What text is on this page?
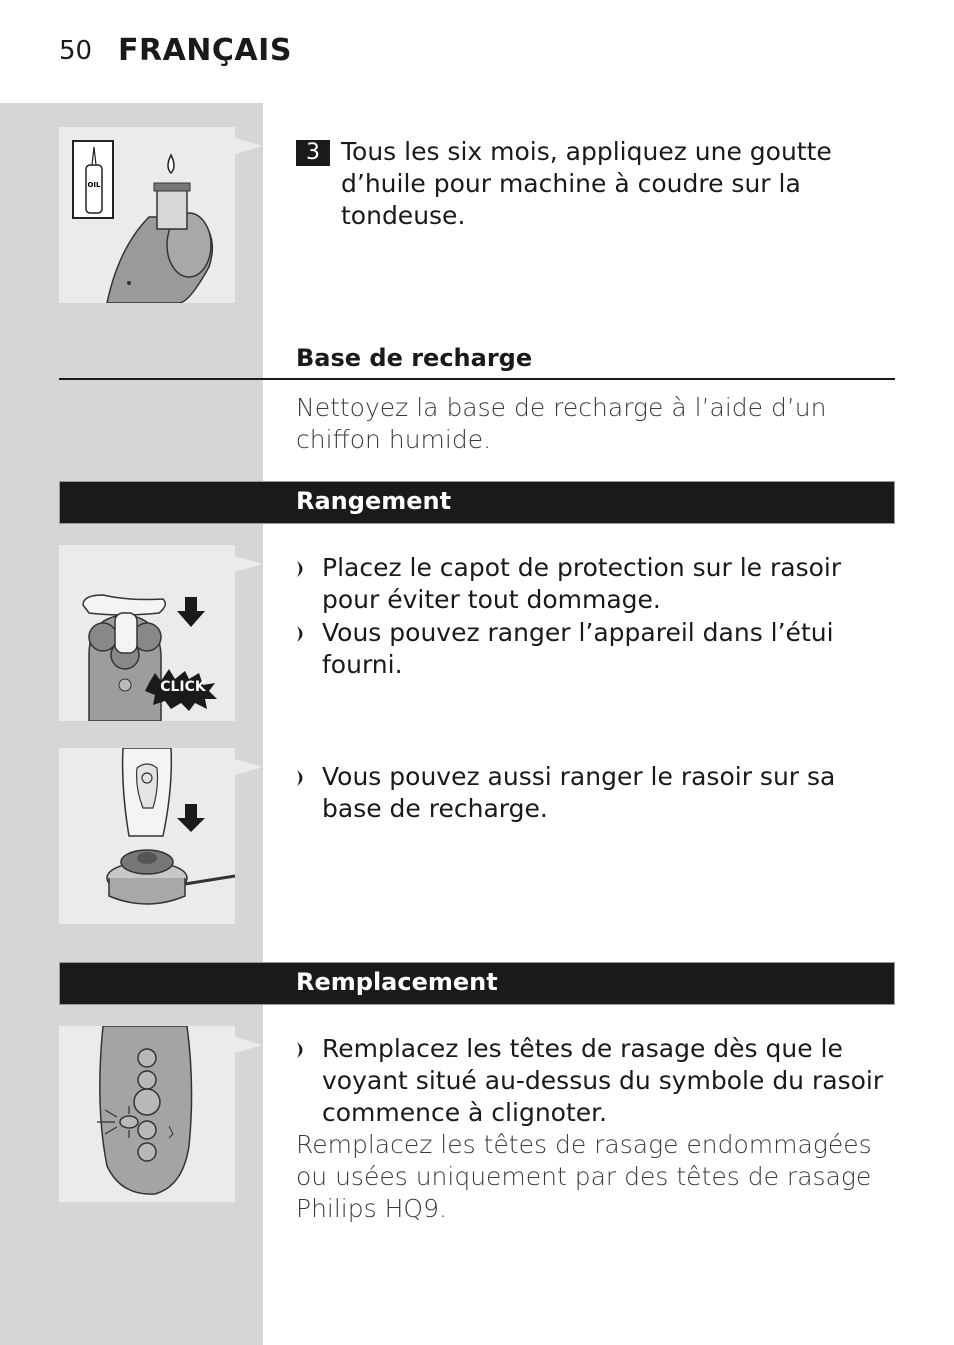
50 FRANÇAIS
OIL
3 Tous les six mois, appliquez une goutte d’huile pour machine à coudre sur la tondeuse.
Base de recharge
Nettoyez la base de recharge à l’aide d’un chiffon humide.
Rangement
CLICK
Placez le capot de protection sur le rasoir pour éviter tout dommage.
Vous pouvez ranger l’appareil dans l’étui fourni.
Vous pouvez aussi ranger le rasoir sur sa base de recharge.
Remplacement
Remplacez les têtes de rasage dès que le voyant situé au-dessus du symbole du rasoir commence à clignoter.
Remplacez les têtes de rasage endommagées ou usées uniquement par des têtes de rasage Philips HQ9.
